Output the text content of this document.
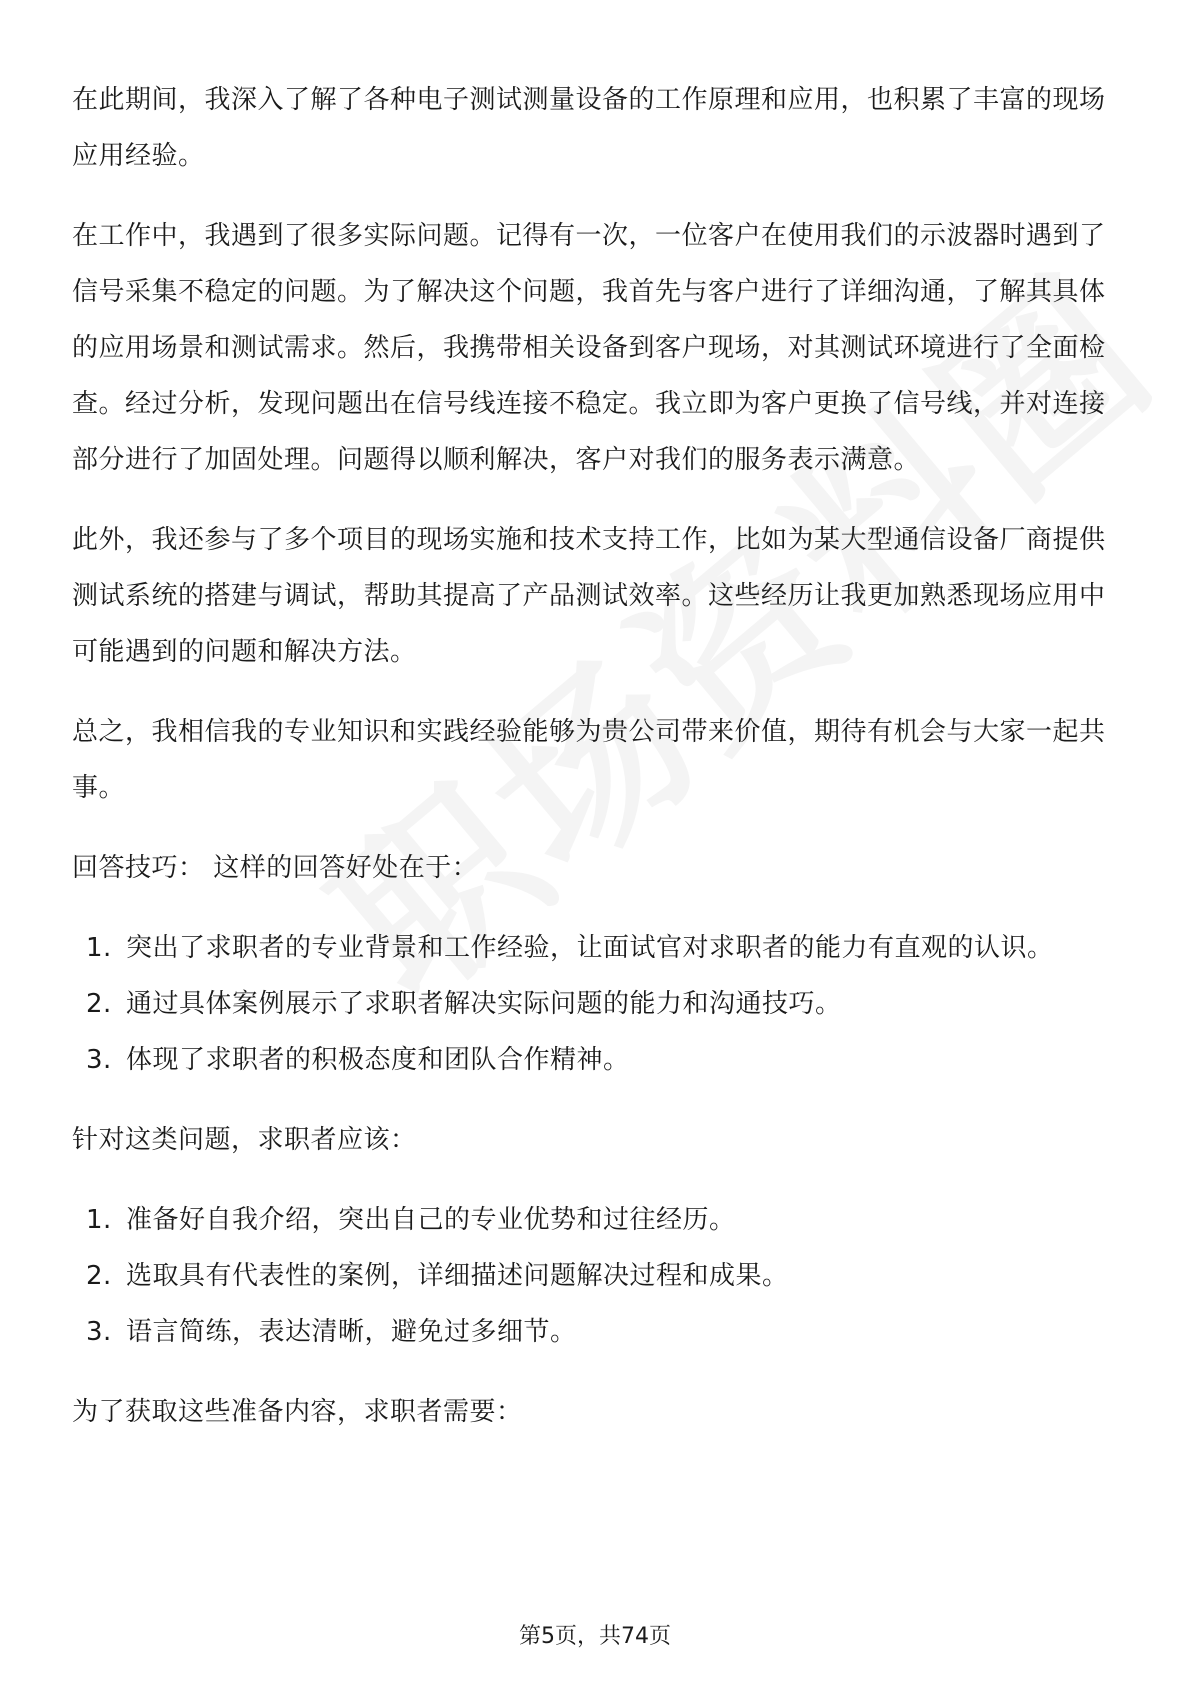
在此期间，我深入了解了各种电子测试测量设备的工作原理和应用，也积累了丰富的现场应用经验。

在工作中，我遇到了很多实际问题。记得有一次，一位客户在使用我们的示波器时遇到了信号采集不稳定的问题。为了解决这个问题，我首先与客户进行了详细沟通，了解其具体的应用场景和测试需求。然后，我携带相关设备到客户现场，对其测试环境进行了全面检查。经过分析，发现问题出在信号线连接不稳定。我立即为客户更换了信号线，并对连接部分进行了加固处理。问题得以顺利解决，客户对我们的服务表示满意。

此外，我还参与了多个项目的现场实施和技术支持工作，比如为某大型通信设备厂商提供测试系统的搭建与调试，帮助其提高了产品测试效率。这些经历让我更加熟悉现场应用中可能遇到的问题和解决方法。

总之，我相信我的专业知识和实践经验能够为贵公司带来价值，期待有机会与大家一起共事。

回答技巧： 这样的回答好处在于：

1. 突出了求职者的专业背景和工作经验，让面试官对求职者的能力有直观的认识。
2. 通过具体案例展示了求职者解决实际问题的能力和沟通技巧。
3. 体现了求职者的积极态度和团队合作精神。

针对这类问题，求职者应该：

1. 准备好自我介绍，突出自己的专业优势和过往经历。
2. 选取具有代表性的案例，详细描述问题解决过程和成果。
3. 语言简练，表达清晰，避免过多细节。

为了获取这些准备内容，求职者需要：

第5页，共74页
